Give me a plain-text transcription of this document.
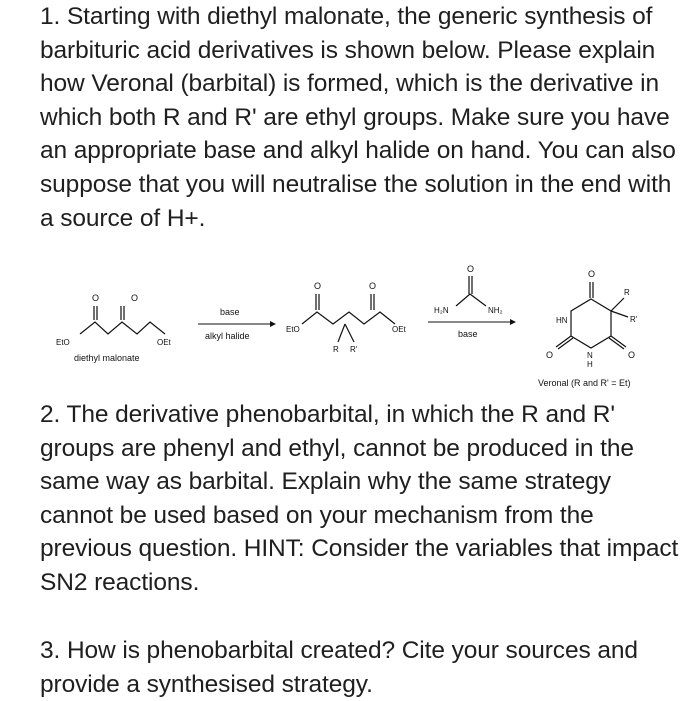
1. Starting with diethyl malonate, the generic synthesis of barbituric acid derivatives is shown below. Please explain how Veronal (barbital) is formed, which is the derivative in which both R and R' are ethyl groups. Make sure you have an appropriate base and alkyl halide on hand. You can also suppose that you will neutralise the solution in the end with a source of H+.

O	O
EtO	OEt
diethyl malonate
base
alkyl halide
O	O
EtO	OEt
R R'
O
H₂N	NH₂
base
O
O	O
HN
N
H
R
R'
Veronal (R and R' = Et)

2. The derivative phenobarbital, in which the R and R' groups are phenyl and ethyl, cannot be produced in the same way as barbital. Explain why the same strategy cannot be used based on your mechanism from the previous question. HINT: Consider the variables that impact SN2 reactions.

3. How is phenobarbital created? Cite your sources and provide a synthesised strategy.
